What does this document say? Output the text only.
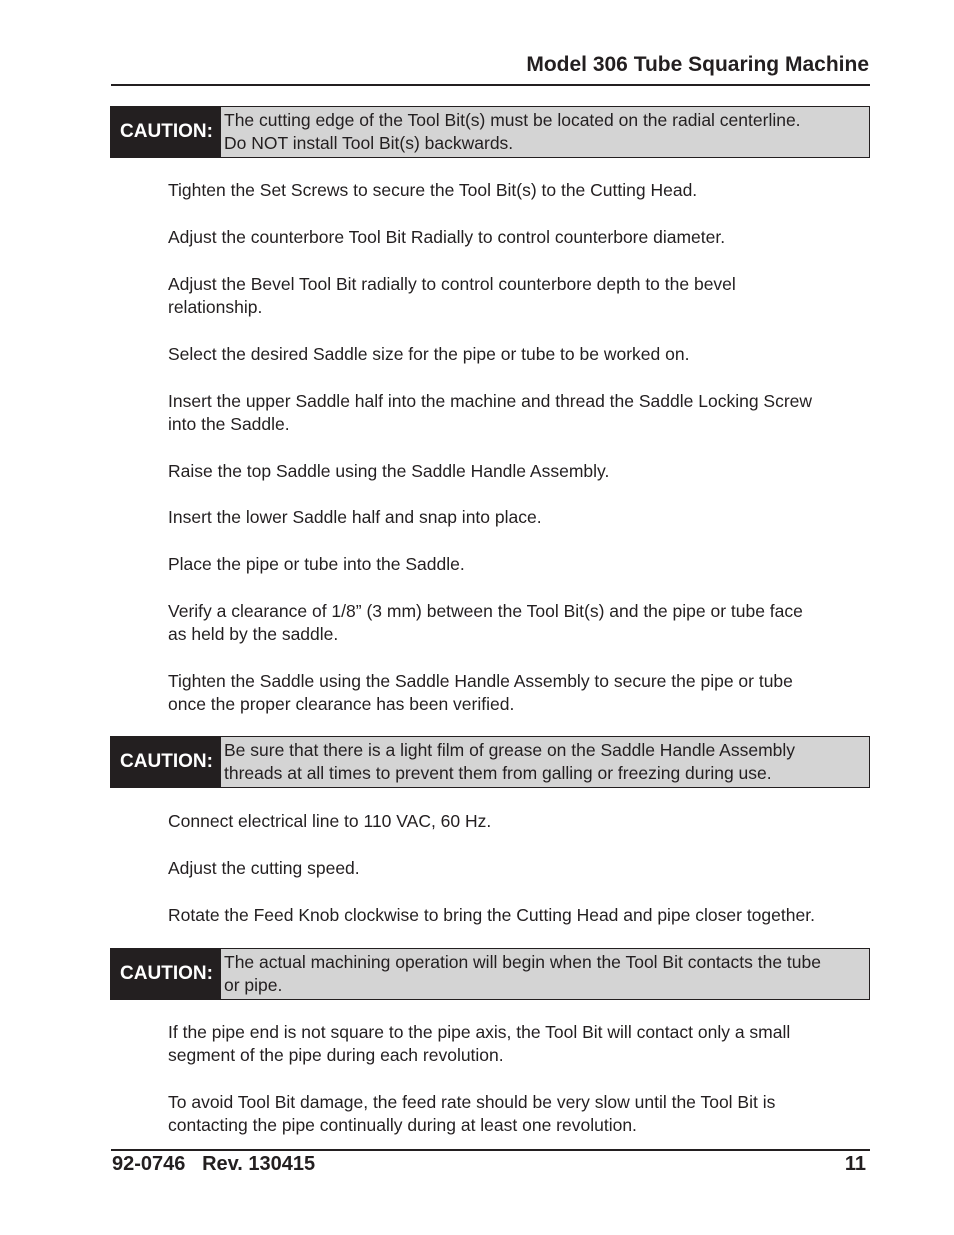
Model 306 Tube Squaring Machine
CAUTION:
The cutting edge of the Tool Bit(s) must be located on the radial centerline.
Do NOT install Tool Bit(s) backwards.
Tighten the Set Screws to secure the Tool Bit(s) to the Cutting Head.
Adjust the counterbore Tool Bit Radially to control counterbore diameter.
Adjust the Bevel Tool Bit radially to control counterbore depth to the bevel
relationship.
Select the desired Saddle size for the pipe or tube to be worked on.
Insert the upper Saddle half into the machine and thread the Saddle Locking Screw
into the Saddle.
Raise the top Saddle using the Saddle Handle Assembly.
Insert the lower Saddle half and snap into place.
Place the pipe or tube into the Saddle.
Verify a clearance of 1/8” (3 mm) between the Tool Bit(s) and the pipe or tube face
as held by the saddle.
Tighten the Saddle using the Saddle Handle Assembly to secure the pipe or tube
once the proper clearance has been verified.
CAUTION:
Be sure that there is a light film of grease on the Saddle Handle Assembly
threads at all times to prevent them from galling or freezing during use.
Connect electrical line to 110 VAC, 60 Hz.
Adjust the cutting speed.
Rotate the Feed Knob clockwise to bring the Cutting Head and pipe closer together.
CAUTION:
The actual machining operation will begin when the Tool Bit contacts the tube
or pipe.
If the pipe end is not square to the pipe axis, the Tool Bit will contact only a small
segment of the pipe during each revolution.
To avoid Tool Bit damage, the feed rate should be very slow until the Tool Bit is
contacting the pipe continually during at least one revolution.
92-0746   Rev. 130415	11
